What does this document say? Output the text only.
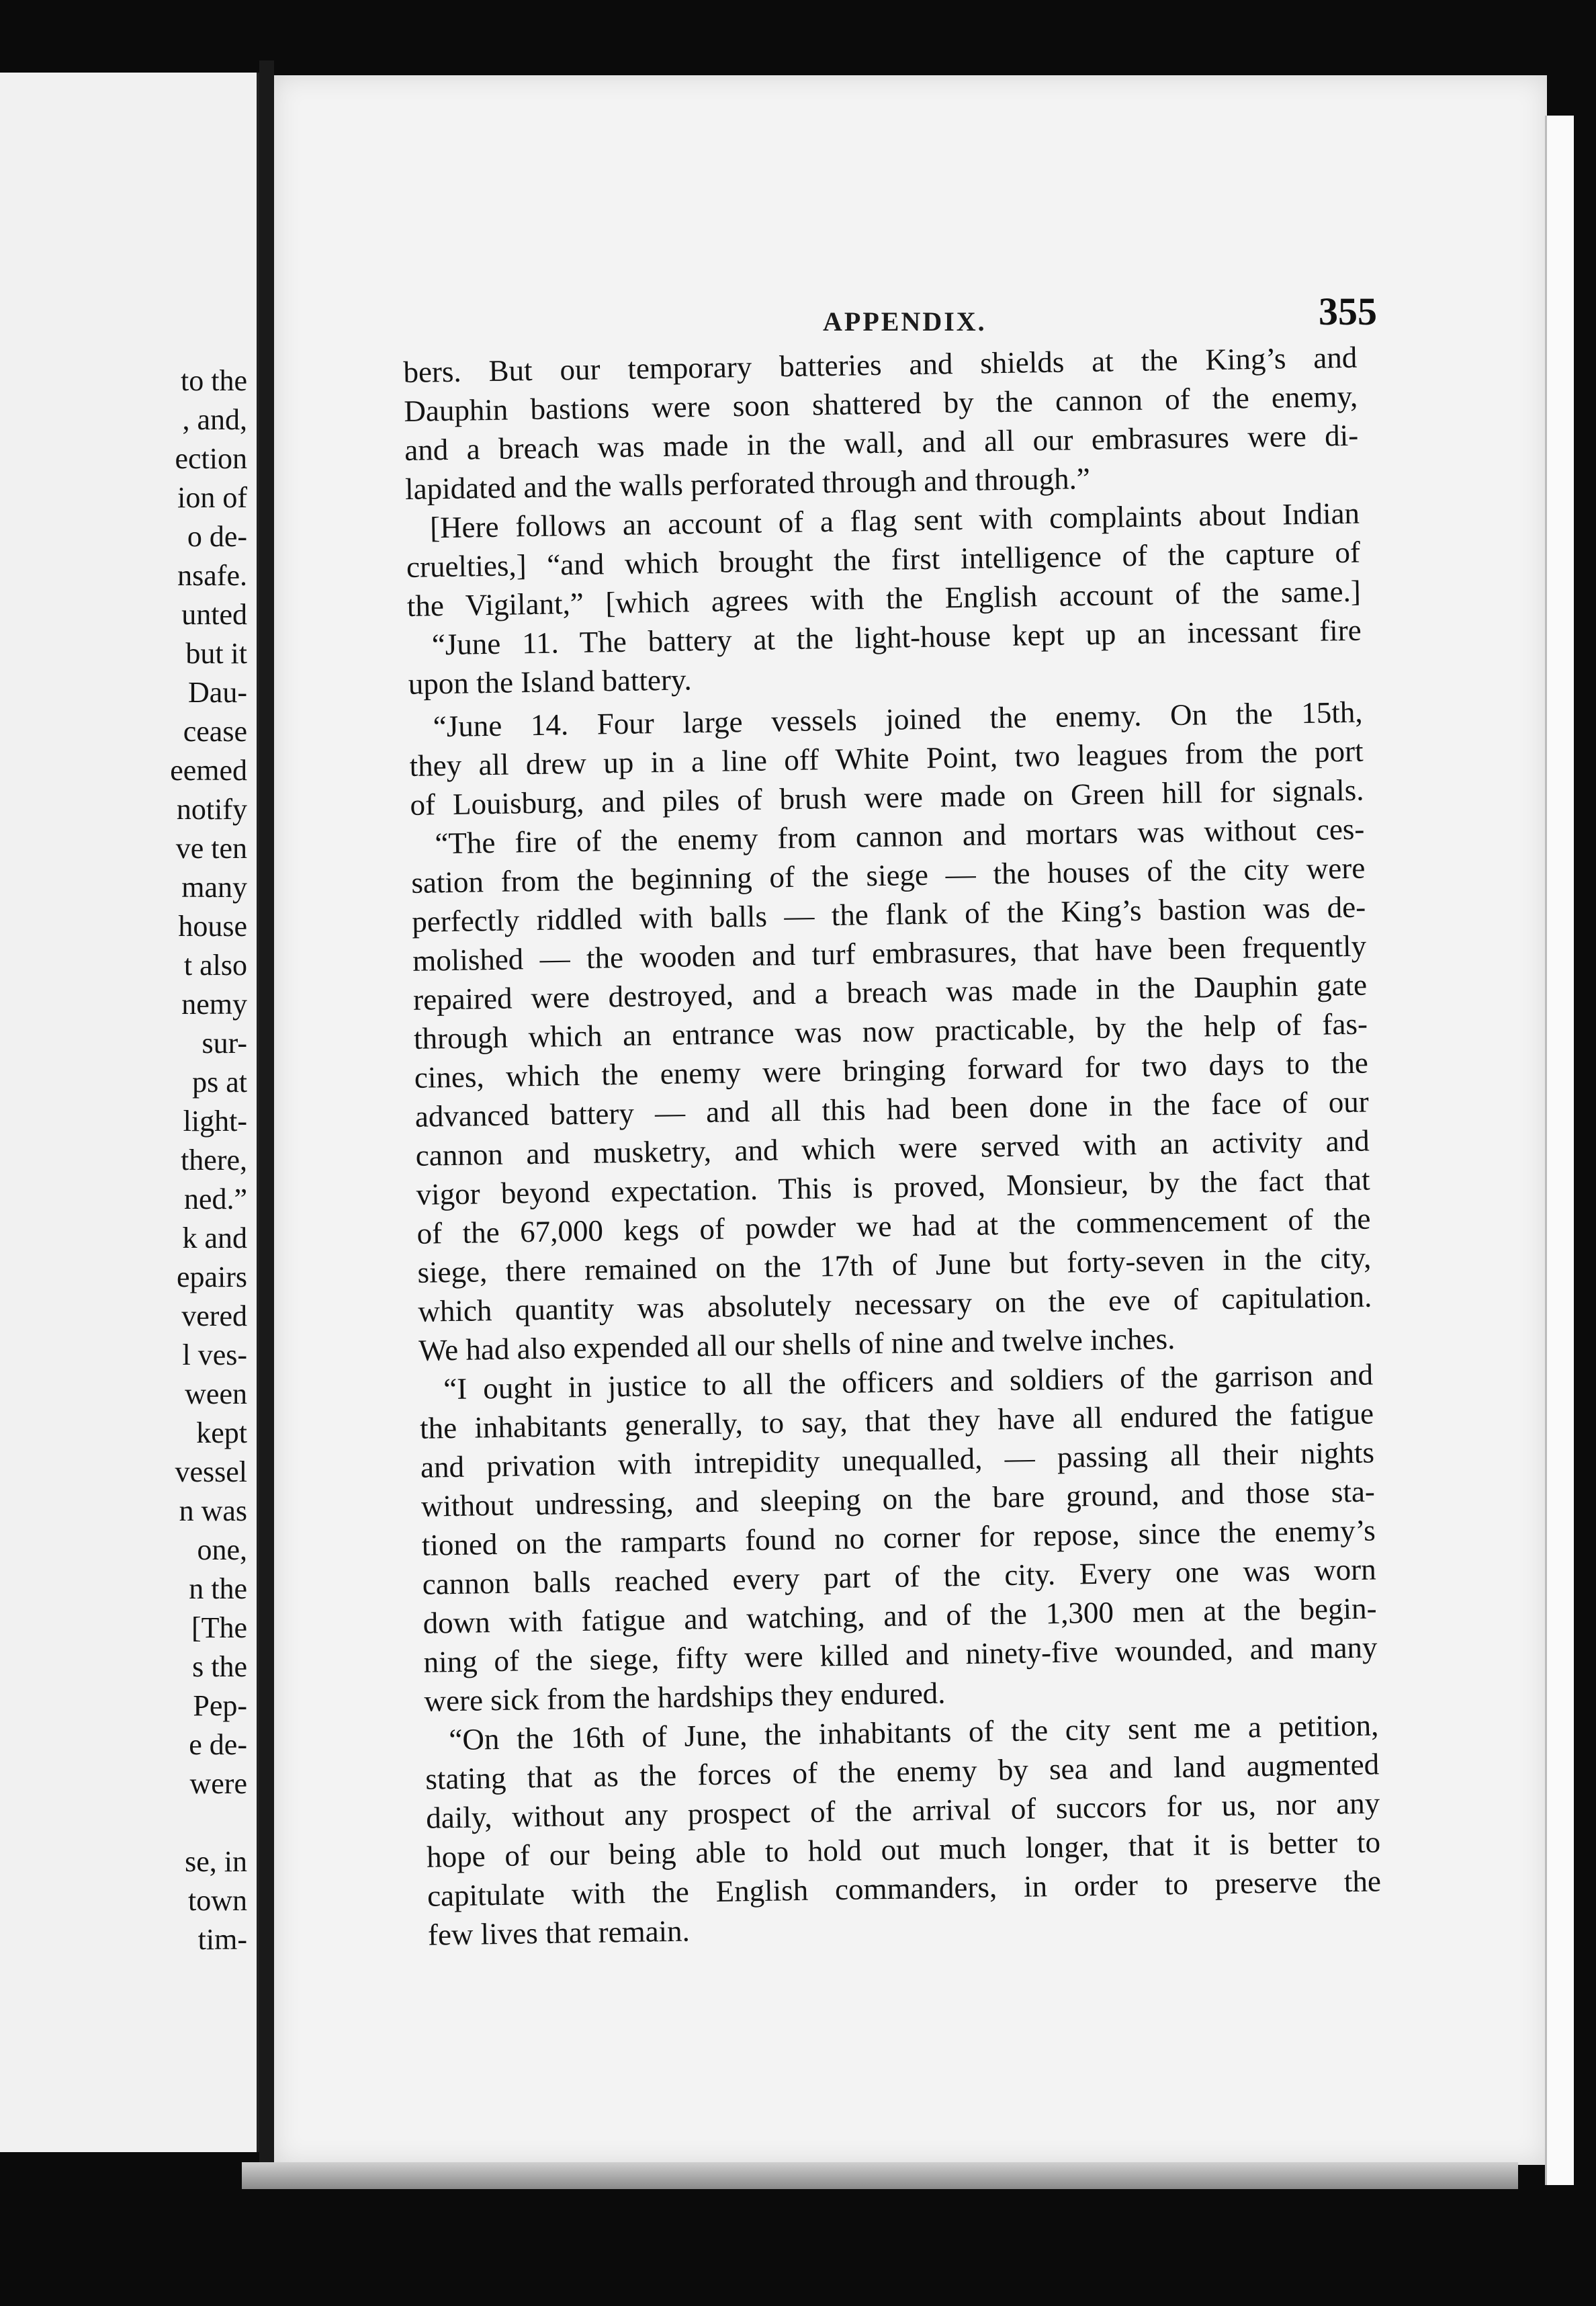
to the
, and,
ection
ion of
o de-
nsafe.
unted
but it
Dau-
cease
eemed
notify
ve ten
many
house
t also
nemy
sur-
ps at
light-
there,
ned.”
k and
epairs
vered
l ves-
ween
kept
vessel
n was
one,
n the
[The
s the
Pep-
e de-
were
se, in
town
tim-
APPENDIX.	355
bers. But our temporary batteries and shields at the King’s and
Dauphin bastions were soon shattered by the cannon of the enemy,
and a breach was made in the wall, and all our embrasures were di-
lapidated and the walls perforated through and through.”
[Here follows an account of a flag sent with complaints about Indian
cruelties,] “and which brought the first intelligence of the capture of
the Vigilant,” [which agrees with the English account of the same.]
“June 11. The battery at the light-house kept up an incessant fire
upon the Island battery.
“June 14. Four large vessels joined the enemy. On the 15th,
they all drew up in a line off White Point, two leagues from the port
of Louisburg, and piles of brush were made on Green hill for signals.
“The fire of the enemy from cannon and mortars was without ces-
sation from the beginning of the siege — the houses of the city were
perfectly riddled with balls — the flank of the King’s bastion was de-
molished — the wooden and turf embrasures, that have been frequently
repaired were destroyed, and a breach was made in the Dauphin gate
through which an entrance was now practicable, by the help of fas-
cines, which the enemy were bringing forward for two days to the
advanced battery — and all this had been done in the face of our
cannon and musketry, and which were served with an activity and
vigor beyond expectation. This is proved, Monsieur, by the fact that
of the 67,000 kegs of powder we had at the commencement of the
siege, there remained on the 17th of June but forty-seven in the city,
which quantity was absolutely necessary on the eve of capitulation.
We had also expended all our shells of nine and twelve inches.
“I ought in justice to all the officers and soldiers of the garrison and
the inhabitants generally, to say, that they have all endured the fatigue
and privation with intrepidity unequalled, — passing all their nights
without undressing, and sleeping on the bare ground, and those sta-
tioned on the ramparts found no corner for repose, since the enemy’s
cannon balls reached every part of the city. Every one was worn
down with fatigue and watching, and of the 1,300 men at the begin-
ning of the siege, fifty were killed and ninety-five wounded, and many
were sick from the hardships they endured.
“On the 16th of June, the inhabitants of the city sent me a petition,
stating that as the forces of the enemy by sea and land augmented
daily, without any prospect of the arrival of succors for us, nor any
hope of our being able to hold out much longer, that it is better to
capitulate with the English commanders, in order to preserve the
few lives that remain.
